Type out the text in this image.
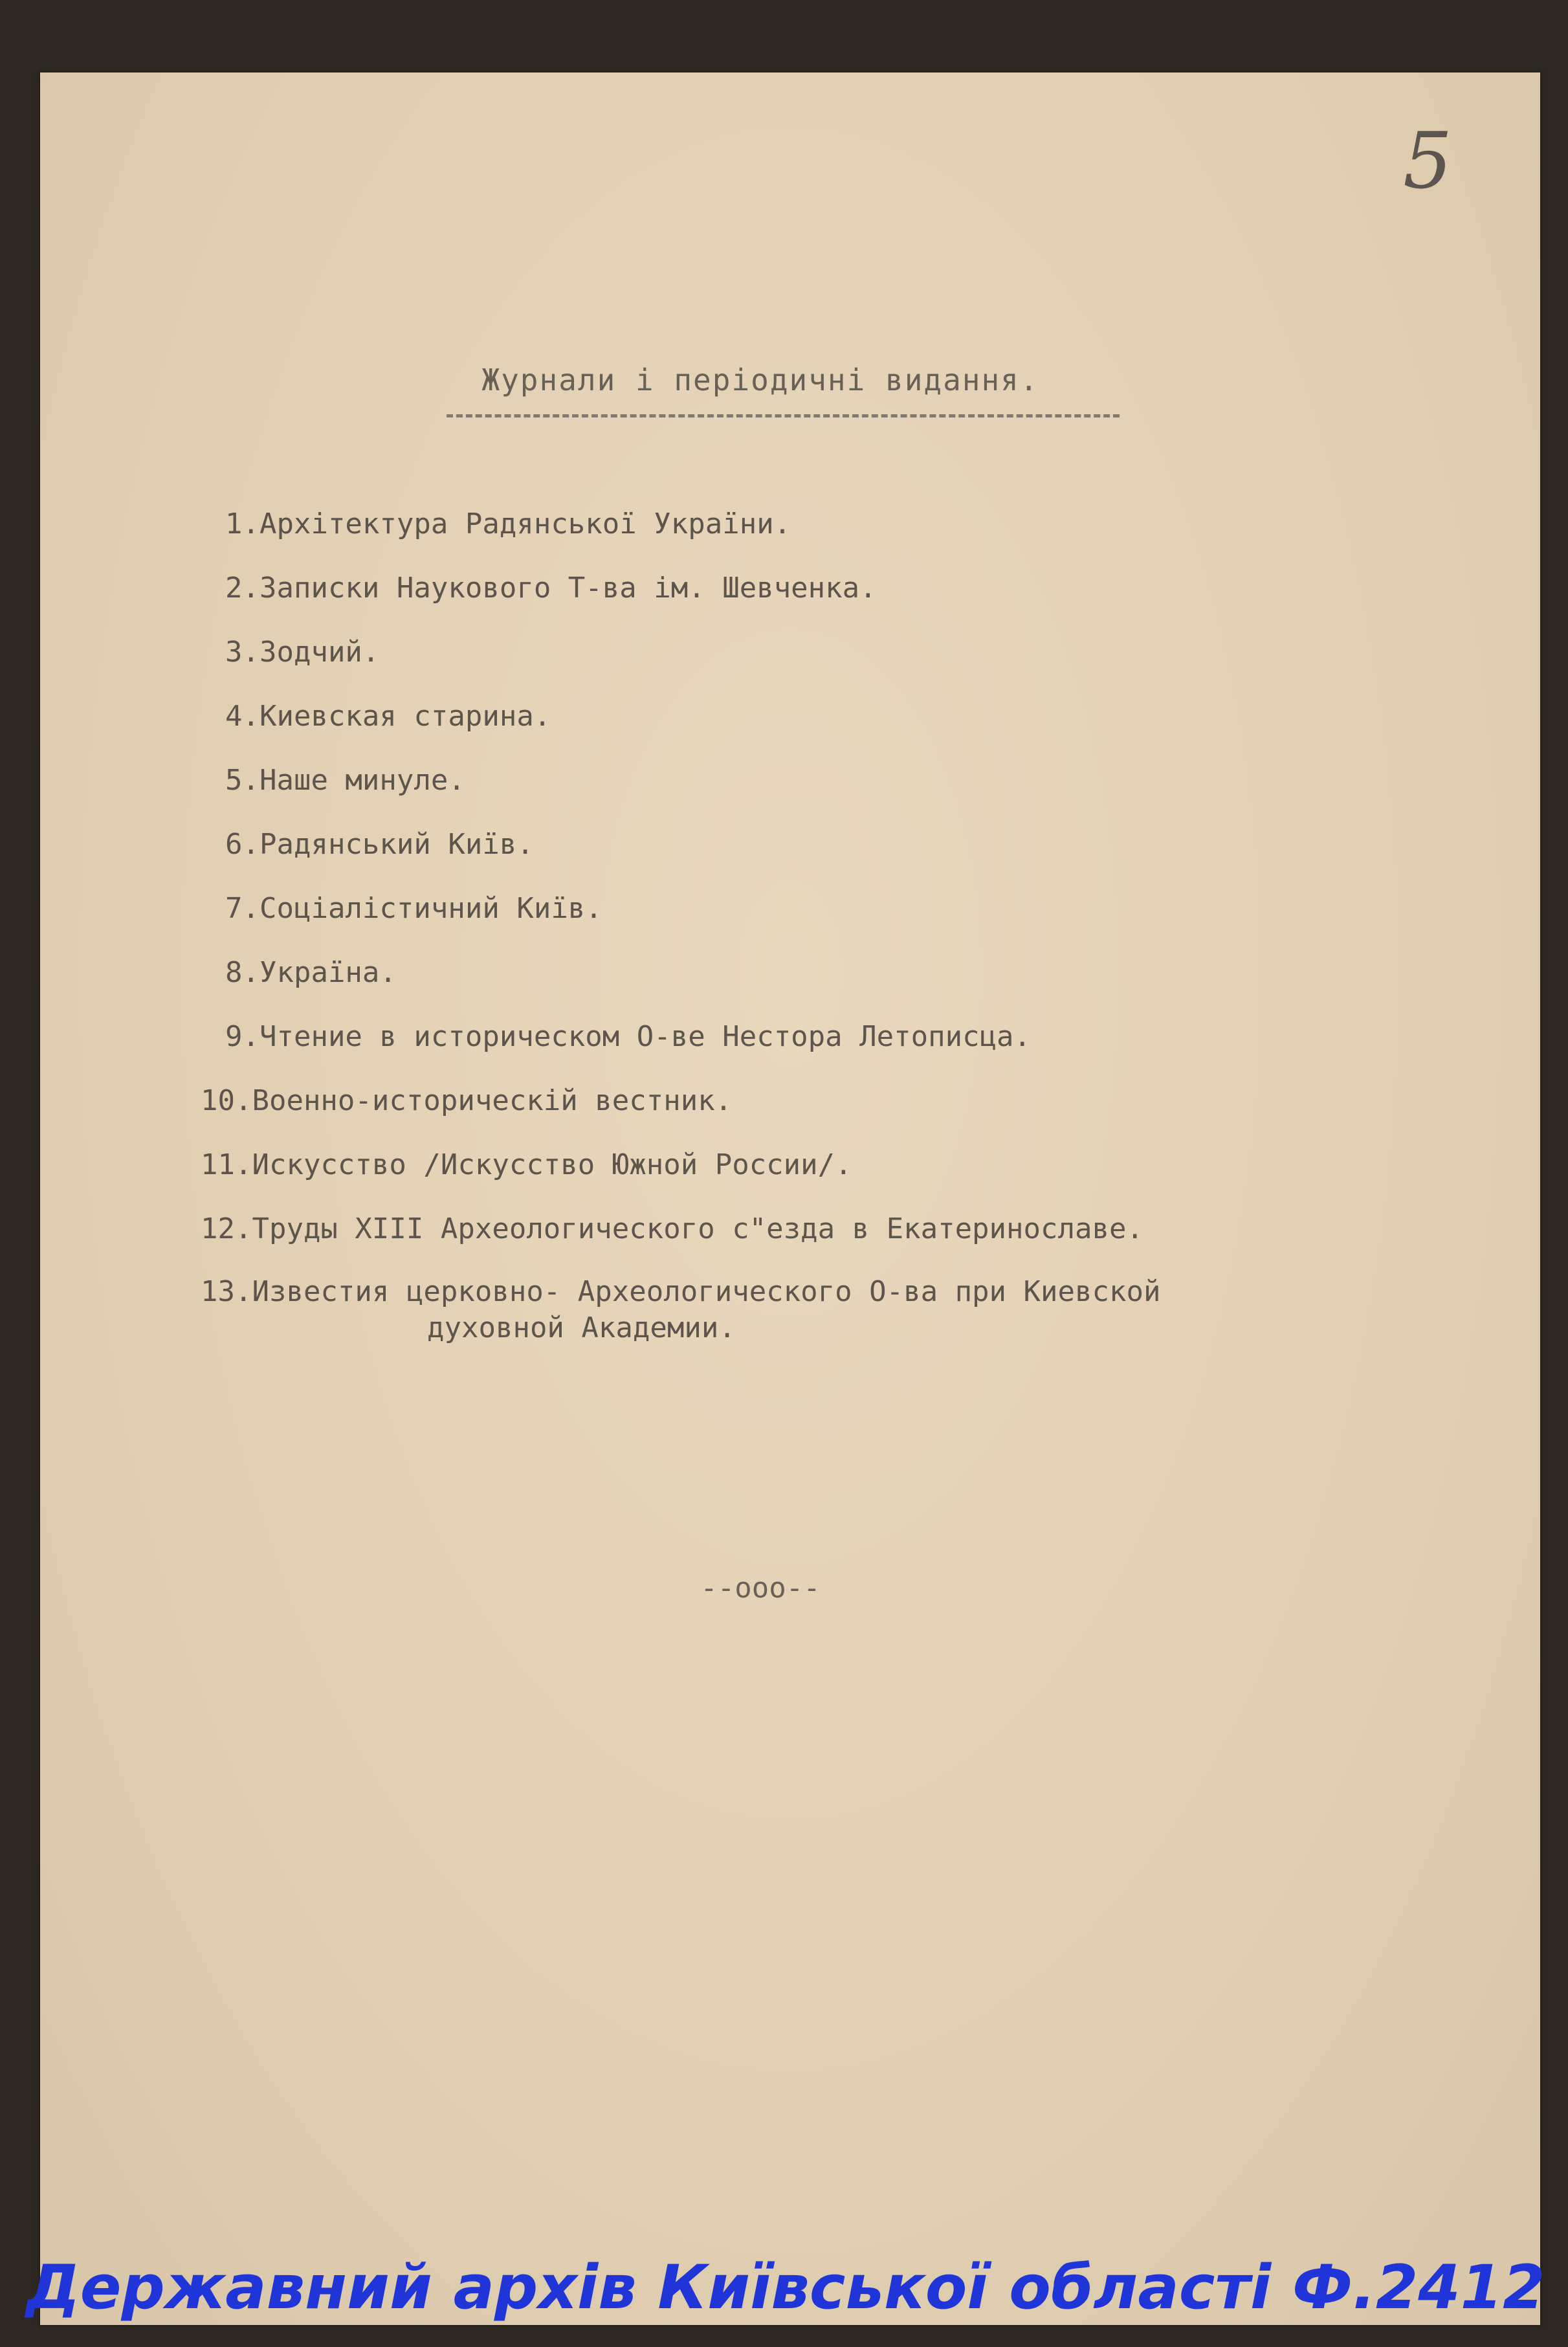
5
Журнали і періодичні видання.
1.Архітектура Радянської України.
2.Записки Наукового Т-ва ім. Шевченка.
3.Зодчий.
4.Киевская старина.
5.Наше минуле.
6.Радянський Київ.
7.Соціалістичний Київ.
8.Україна.
9.Чтение в историческом О-ве Нестора Летописца.
10.Военно-историческій вестник.
11.Искусство /Искусство Южной России/.
12.Труды XIII Археологического с"езда в Екатеринославе.
13.Известия церковно- Археологического О-ва при Киевской
духовной Академии.
--ооо--
Державний архів Київської області Ф.2412
